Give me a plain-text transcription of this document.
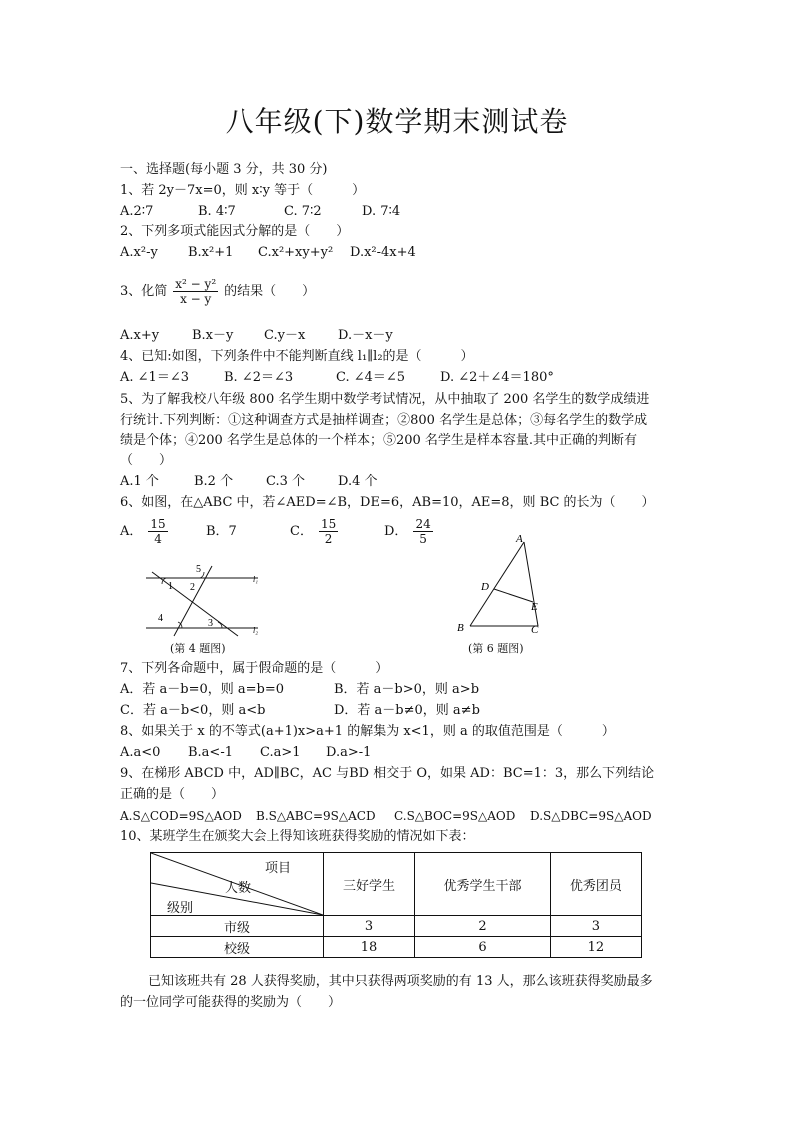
八年级(下)数学期末测试卷
一、选择题(每小题 3 分，共 30 分)
1、若 2y－7x=0，则 x∶y 等于（　　　）
A.2∶7	B. 4∶7	C. 7∶2	D. 7∶4
2、下列多项式能因式分解的是（　　）
A.x²-y B.x²+1 C.x²+xy+y² D.x²-4x+4
3、化简 $\frac{\text{x² − y²}}{x - y}$ 的结果（　　）
A.x+y	B.x－y C.y－x	D.－x－y
4、已知:如图，下列条件中不能判断直线 l₁∥l₂的是（　　　）
A. ∠1＝∠3	B. ∠2＝∠3	C. ∠4＝∠5	D. ∠2＋∠4＝180°
5、为了解我校八年级 800 名学生期中数学考试情况，从中抽取了 200 名学生的数学成绩进
行统计.下列判断：①这种调查方式是抽样调查；②800 名学生是总体；③每名学生的数学成
绩是个体；④200 名学生是总体的一个样本；⑤200 名学生是样本容量.其中正确的判断有
（　　）
A.1 个	B.2 个	C.3 个	D.4 个
6、如图，在△ABC 中，若∠AED=∠B，DE=6，AB=10，AE=8，则 BC 的长为（　　）
A． $\frac{15}{4}$	B．7	C． $\frac{15}{2}$	D． $\frac{24}{5}$
5
1 2
4	3
l₁
l₂
(第 4 题图)
A
D
E
B	C
(第 6 题图)
7、下列各命题中，属于假命题的是（　　　）
A．若 a－b=0，则 a=b=0	B．若 a－b>0，则 a>b
C．若 a－b<0，则 a<b	D．若 a－b≠0，则 a≠b
8、如果关于 x 的不等式(a+1)x>a+1 的解集为 x<1，则 a 的取值范围是（　　　）
A.a<0 B.a<-1 C.a>1 D.a>-1
9、在梯形 ABCD 中，AD∥BC，AC 与BD 相交于 O，如果 AD：BC=1：3，那么下列结论
正确的是（　　）
A.S△COD=9S△AOD B.S△ABC=9S△ACD C.S△BOC=9S△AOD D.S△DBC=9S△AOD
10、某班学生在颁奖大会上得知该班获得奖励的情况如下表：
项目
人数
级别	三好学生	优秀学生干部	优秀团员
市级	3	2	3
校级	18	6	12
已知该班共有 28 人获得奖励，其中只获得两项奖励的有 13 人，那么该班获得奖励最多
的一位同学可能获得的奖励为（　　）
